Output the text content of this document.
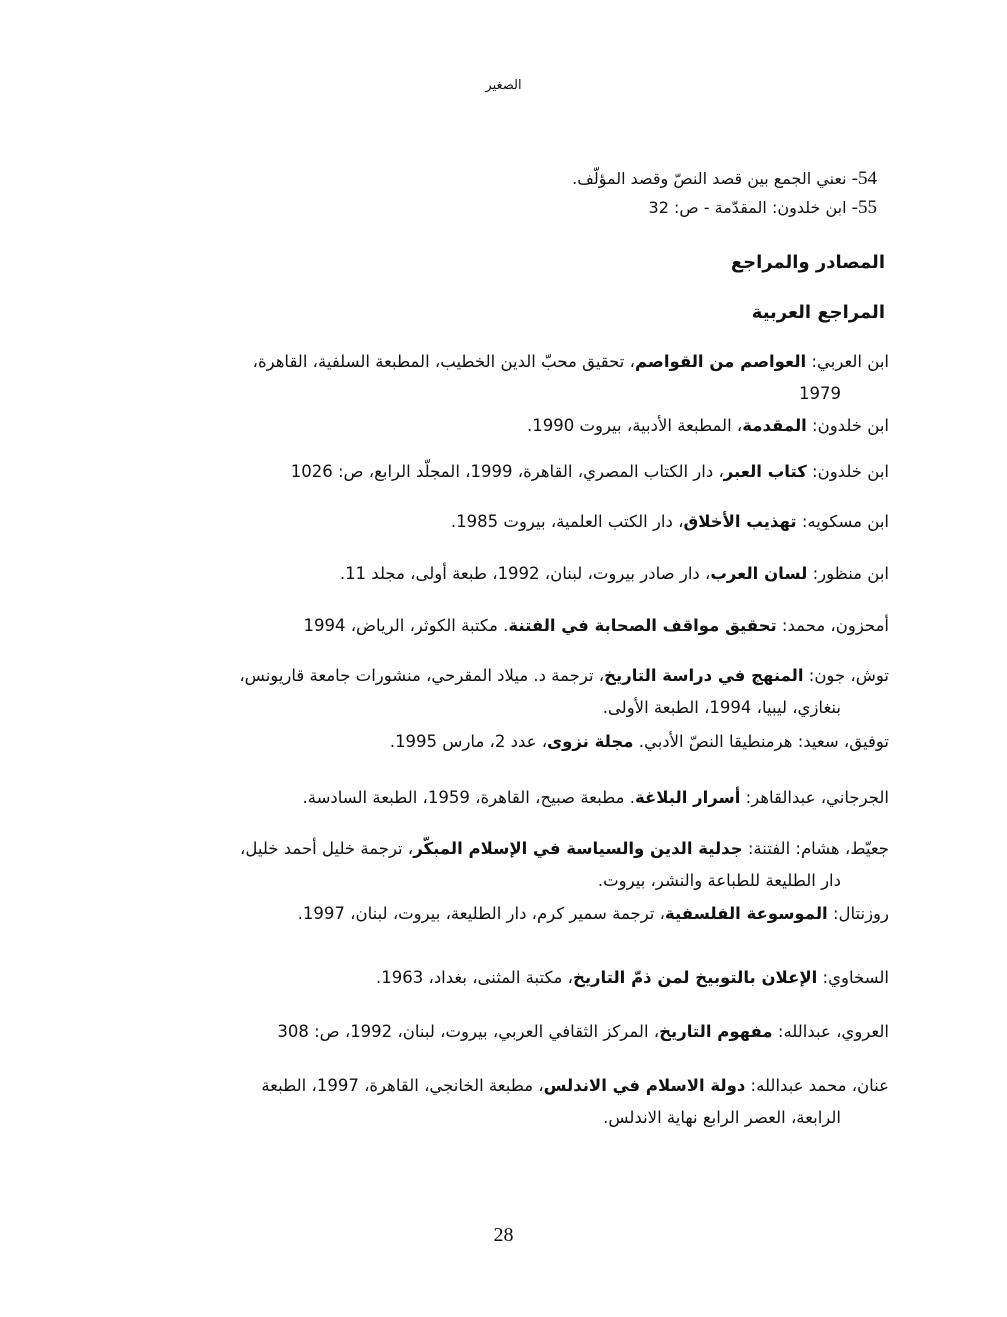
الصغير
54- نعني الجمع بين قصد النصّ وقصد المؤلّف.
55- ابن خلدون: المقدّمة - ص: 32
المصادر والمراجع
المراجع العربية
ابن العربي: العواصم من القواصم، تحقيق محبّ الدين الخطيب، المطبعة السلفية، القاهرة،
1979
ابن خلدون: المقدمة، المطبعة الأدبية، بيروت 1990.
ابن خلدون: كتاب العبر، دار الكتاب المصري، القاهرة، 1999، المجلّد الرابع، ص: 1026
ابن مسكويه: تهذيب الأخلاق، دار الكتب العلمية، بيروت 1985.
ابن منظور: لسان العرب، دار صادر بيروت، لبنان، 1992، طبعة أولى، مجلد 11.
أمحزون، محمد: تحقيق مواقف الصحابة في الفتنة. مكتبة الكوثر، الرياض، 1994
توش، جون: المنهج في دراسة التاريخ، ترجمة د. ميلاد المقرحي، منشورات جامعة قاريونس،
بنغازي، ليبيا، 1994، الطبعة الأولى.
توفيق، سعيد: هرمنطيقا النصّ الأدبي. مجلة نزوى، عدد 2، مارس 1995.
الجرجاني، عبدالقاهر: أسرار البلاغة. مطبعة صبيح، القاهرة، 1959، الطبعة السادسة.
جعيّط، هشام: الفتنة: جدلية الدين والسياسة في الإسلام المبكّر، ترجمة خليل أحمد خليل،
دار الطليعة للطباعة والنشر، بيروت.
روزنتال: الموسوعة الفلسفية، ترجمة سمير كرم، دار الطليعة، بيروت، لبنان، 1997.
السخاوي: الإعلان بالتوبيخ لمن ذمّ التاريخ، مكتبة المثنى، بغداد، 1963.
العروي، عبدالله: مفهوم التاريخ، المركز الثقافي العربي، بيروت، لبنان، 1992، ص: 308
عنان، محمد عبدالله: دولة الاسلام في الاندلس، مطبعة الخانجي، القاهرة، 1997، الطبعة
الرابعة، العصر الرابع نهاية الاندلس.
28
